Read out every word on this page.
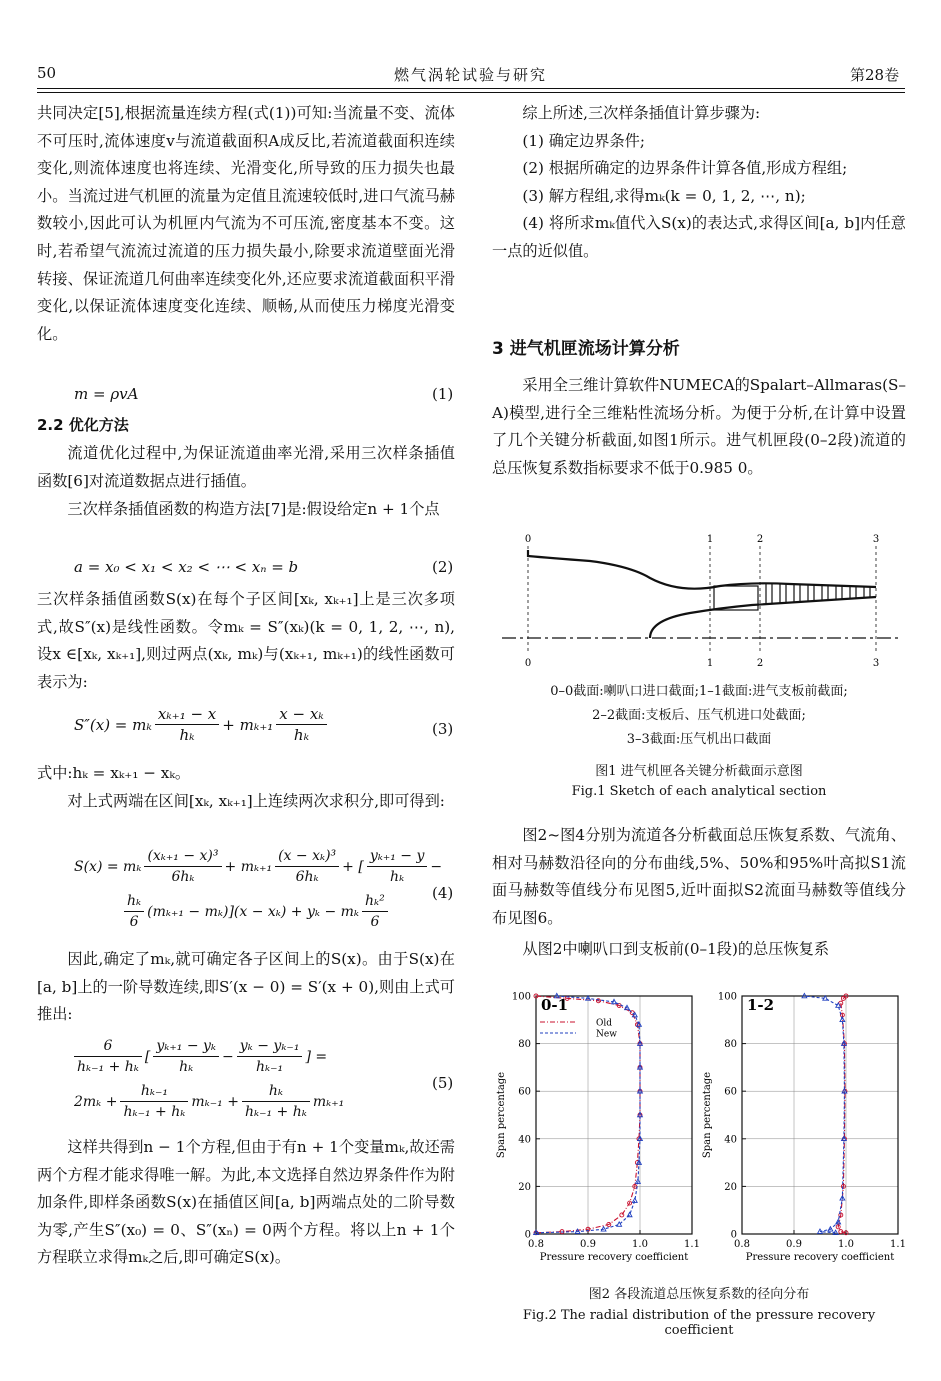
50	燃气涡轮试验与研究	第28卷

共同决定[5],根据流量连续方程(式(1))可知:当流量不变、流体不可压时,流体速度v与流道截面积A成反比,若流道截面积连续变化,则流体速度也将连续、光滑变化,所导致的压力损失也最小。当流过进气机匣的流量为定值且流速较低时,进口气流马赫数较小,因此可认为机匣内气流为不可压流,密度基本不变。这时,若希望气流流过流道的压力损失最小,除要求流道壁面光滑转接、保证流道几何曲率连续变化外,还应要求流道截面积平滑变化,以保证流体速度变化连续、顺畅,从而使压力梯度光滑变化。

m = ρvA	(1)
2.2 优化方法

流道优化过程中,为保证流道曲率光滑,采用三次样条插值函数[6]对流道数据点进行插值。

三次样条插值函数的构造方法[7]是:假设给定n + 1个点

a = x₀ < x₁ < x₂ < ⋯ < xₙ = b	(2)

三次样条插值函数S(x)在每个子区间[xₖ, xₖ₊₁]上是三次多项式,故S″(x)是线性函数。令mₖ = S″(xₖ)(k = 0, 1, 2, ⋯, n),设x ∈[xₖ, xₖ₊₁],则过两点(xₖ, mₖ)与(xₖ₊₁, mₖ₊₁)的线性函数可表示为:

S″(x) = mₖ $\frac{\text{xₖ₊₁ − x}}{\text{hₖ}} + m_{k+1} \frac{\text{x − xₖ}}{\text{hₖ}}$	(3)

式中:hₖ = xₖ₊₁ − xₖ。

对上式两端在区间[xₖ, xₖ₊₁]上连续两次求积分,即可得到:

S(x) = mₖ $\frac{\text{(xₖ₊₁ − x)³}}{\text{6hₖ}} + m_{k+1} \frac{\text{(x − xₖ)³}}{\text{6hₖ}}$ + [ $\frac{\text{yₖ₊₁ − y}}{\text{hₖ}}$ −
$\frac{\text{hₖ}}{6} (m_{k+1} - m_k)](x - x_k) + y_k - m_k \frac{\text{hₖ²}}{6}$	(4)

因此,确定了mₖ,就可确定各子区间上的S(x)。由于S(x)在[a, b]上的一阶导数连续,即S′(x − 0) = S′(x + 0),则由上式可推出:

$\frac{6}{\text{hₖ₋₁ + hₖ}}$ [ $\frac{\text{yₖ₊₁ − yₖ}}{\text{hₖ}} - \frac{\text{yₖ − yₖ₋₁}}{\text{hₖ₋₁}}$ ] =
$2m_k + \frac{\text{hₖ₋₁}}{\text{hₖ₋₁ + hₖ}} m_{k-1} + \frac{\text{hₖ}}{\text{hₖ₋₁ + hₖ}} m_{k+1}$
(5)

这样共得到n − 1个方程,但由于有n + 1个变量mₖ,故还需两个方程才能求得唯一解。为此,本文选择自然边界条件作为附加条件,即样条函数S(x)在插值区间[a, b]两端点处的二阶导数为零,产生S″(x₀) = 0、S″(xₙ) = 0两个方程。将以上n + 1个方程联立求得mₖ之后,即可确定S(x)。

综上所述,三次样条插值计算步骤为:

(1) 确定边界条件;

(2) 根据所确定的边界条件计算各值,形成方程组;

(3) 解方程组,求得mₖ(k = 0, 1, 2, ⋯, n);

(4) 将所求mₖ值代入S(x)的表达式,求得区间[a, b]内任意一点的近似值。

3 进气机匣流场计算分析

采用全三维计算软件NUMECA的Spalart–Allmaras(S–A)模型,进行全三维粘性流场分析。为便于分析,在计算中设置了几个关键分析截面,如图1所示。进气机匣段(0–2段)流道的总压恢复系数指标要求不低于0.985 0。

0	1	2	3
0	1	2	3
0–0截面:喇叭口进口截面;1–1截面:进气支板前截面;
2–2截面:支板后、压气机进口处截面;
3–3截面:压气机出口截面
图1 进气机匣各关键分析截面示意图
Fig.1 Sketch of each analytical section

图2~图4分别为流道各分析截面总压恢复系数、气流角、相对马赫数沿径向的分布曲线,5%、50%和95%叶高拟S1流面马赫数等值线分布见图5,近叶面拟S2流面马赫数等值线分布见图6。

从图2中喇叭口到支板前(0–1段)的总压恢复系

0.8	0.9	1.0	1.1
0
20
40
60
80
100
Pressure recovery coefficient
Span percentage
0-1
Old
New
0.8	0.9	1.0	1.1
0
20
40
60
80
100
Pressure recovery coefficient
Span percentage
1-2
图2 各段流道总压恢复系数的径向分布
Fig.2 The radial distribution of the pressure recovery coefficient
